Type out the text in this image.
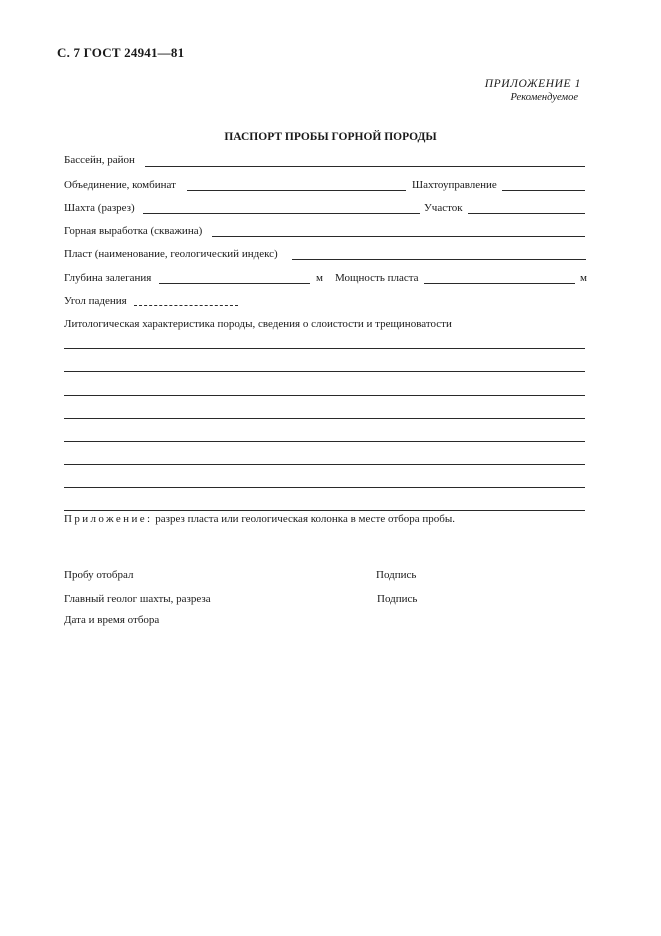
С. 7 ГОСТ 24941—81
ПРИЛОЖЕНИЕ 1
Рекомендуемое
ПАСПОРТ ПРОБЫ ГОРНОЙ ПОРОДЫ
Бассейн, район
Объединение, комбинат	Шахтоуправление
Шахта (разрез)	Участок
Горная выработка (скважина)
Пласт (наименование, геологический индекс)
Глубина залегания	м Мощность пласта	м
Угол падения
Литологическая характеристика породы, сведения о слоистости и трещиноватости
Приложение: разрез пласта или геологическая колонка в месте отбора пробы.
Пробу отобрал	Подпись
Главный геолог шахты, разреза	Подпись
Дата и время отбора
